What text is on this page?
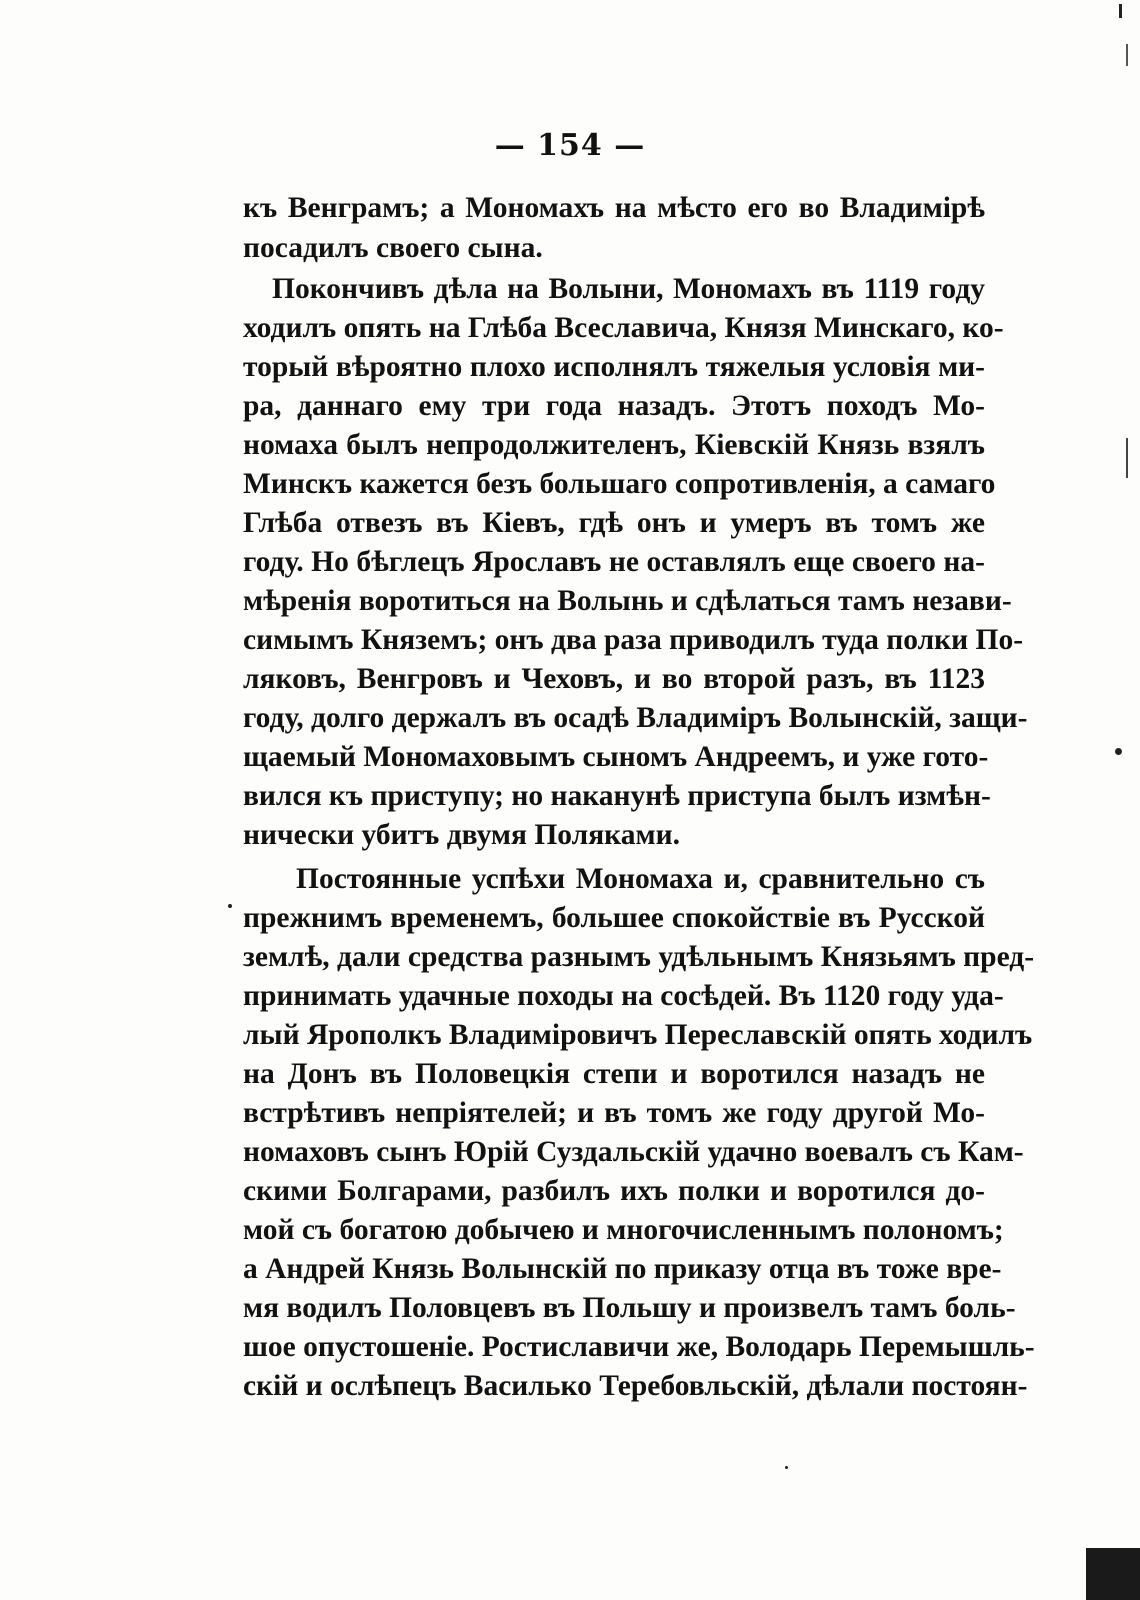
— 154 —
къ Венграмъ; а Мономахъ на мѣсто его во Владимірѣ
посадилъ своего сына.
Покончивъ дѣла на Волыни, Мономахъ въ 1119 году
ходилъ опять на Глѣба Всеславича, Князя Минскаго, ко-
торый вѣроятно плохо исполнялъ тяжелыя условія ми-
ра, даннаго ему три года назадъ. Этотъ походъ Мо-
номаха былъ непродолжителенъ, Кіевскій Князь взялъ
Минскъ кажется безъ большаго сопротивленія, а самаго
Глѣба отвезъ въ Кіевъ, гдѣ онъ и умеръ въ томъ же
году. Но бѣглецъ Ярославъ не оставлялъ еще своего на-
мѣренія воротиться на Волынь и сдѣлаться тамъ незави-
симымъ Княземъ; онъ два раза приводилъ туда полки По-
ляковъ, Венгровъ и Чеховъ, и во второй разъ, въ 1123
году, долго держалъ въ осадѣ Владиміръ Волынскій, защи-
щаемый Мономаховымъ сыномъ Андреемъ, и уже гото-
вился къ приступу; но наканунѣ приступа былъ измѣн-
нически убитъ двумя Поляками.
Постоянные успѣхи Мономаха и, сравнительно съ
прежнимъ временемъ, большее спокойствіе въ Русской
землѣ, дали средства разнымъ удѣльнымъ Князьямъ пред-
принимать удачные походы на сосѣдей. Въ 1120 году уда-
лый Ярополкъ Владиміровичъ Переславскій опять ходилъ
на Донъ въ Половецкія степи и воротился назадъ не
встрѣтивъ непріятелей; и въ томъ же году другой Мо-
номаховъ сынъ Юрій Суздальскій удачно воевалъ съ Кам-
скими Болгарами, разбилъ ихъ полки и воротился до-
мой съ богатою добычею и многочисленнымъ полономъ;
а Андрей Князь Волынскій по приказу отца въ тоже вре-
мя водилъ Половцевъ въ Польшу и произвелъ тамъ боль-
шое опустошеніе. Ростиславичи же, Володарь Перемышль-
скій и ослѣпецъ Василько Теребовльскій, дѣлали постоян-
